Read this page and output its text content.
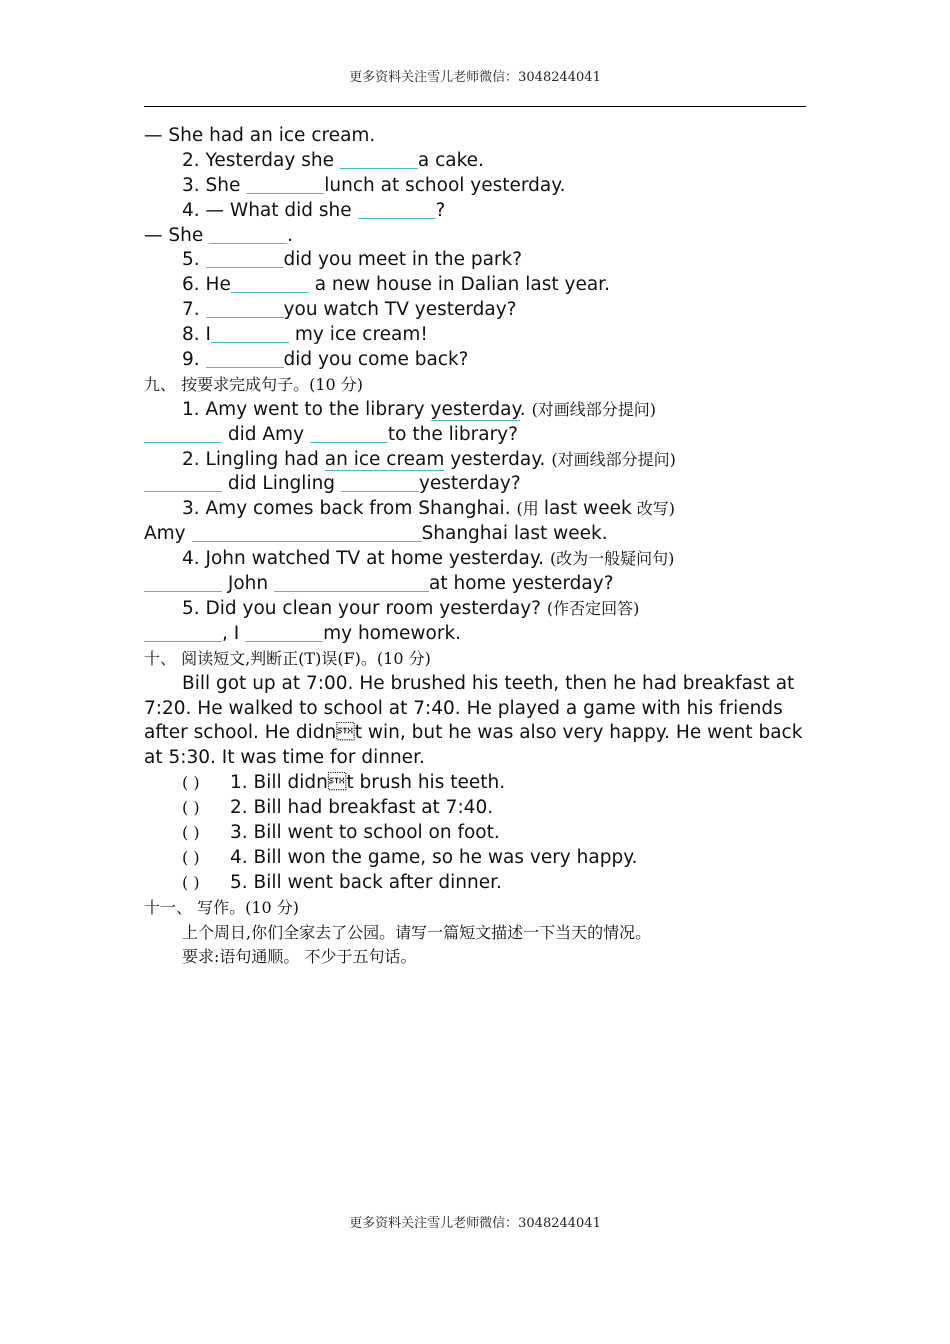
更多资料关注雪儿老师微信：3048244041
— She had an ice cream.
2. Yesterday she	a cake.
3. She	lunch at school yesterday.
4. — What did she	?
— She	.
5.	did you meet in the park?
6. He	a new house in Dalian last year.
7.	you watch TV yesterday?
8. I	my ice cream!
9.	did you come back?
九、 按要求完成句子。(10 分)
1. Amy went to the library yesterday. (对画线部分提问)
did Amy	to the library?
2. Lingling had an ice cream yesterday. (对画线部分提问)
did Lingling	yesterday?
3. Amy comes back from Shanghai. (用 last week 改写)
Amy	Shanghai last week.
4. John watched TV at home yesterday. (改为一般疑问句)
John	at home yesterday?
5. Did you clean your room yesterday? (作否定回答)
, I	my homework.
十、 阅读短文,判断正(T)误(F)。(10 分)
Bill got up at 7:00. He brushed his teeth, then he had breakfast at 7:20. He walked to school at 7:40. He played a game with his friends after school. He didnt win, but he was also very happy. He went back at 5:30. It was time for dinner.
( ) 1. Bill didnt brush his teeth.
( ) 2. Bill had breakfast at 7:40.
( ) 3. Bill went to school on foot.
( ) 4. Bill won the game, so he was very happy.
( ) 5. Bill went back after dinner.
十一、 写作。(10 分)
上个周日,你们全家去了公园。请写一篇短文描述一下当天的情况。
要求:语句通顺。 不少于五句话。
更多资料关注雪儿老师微信：3048244041
